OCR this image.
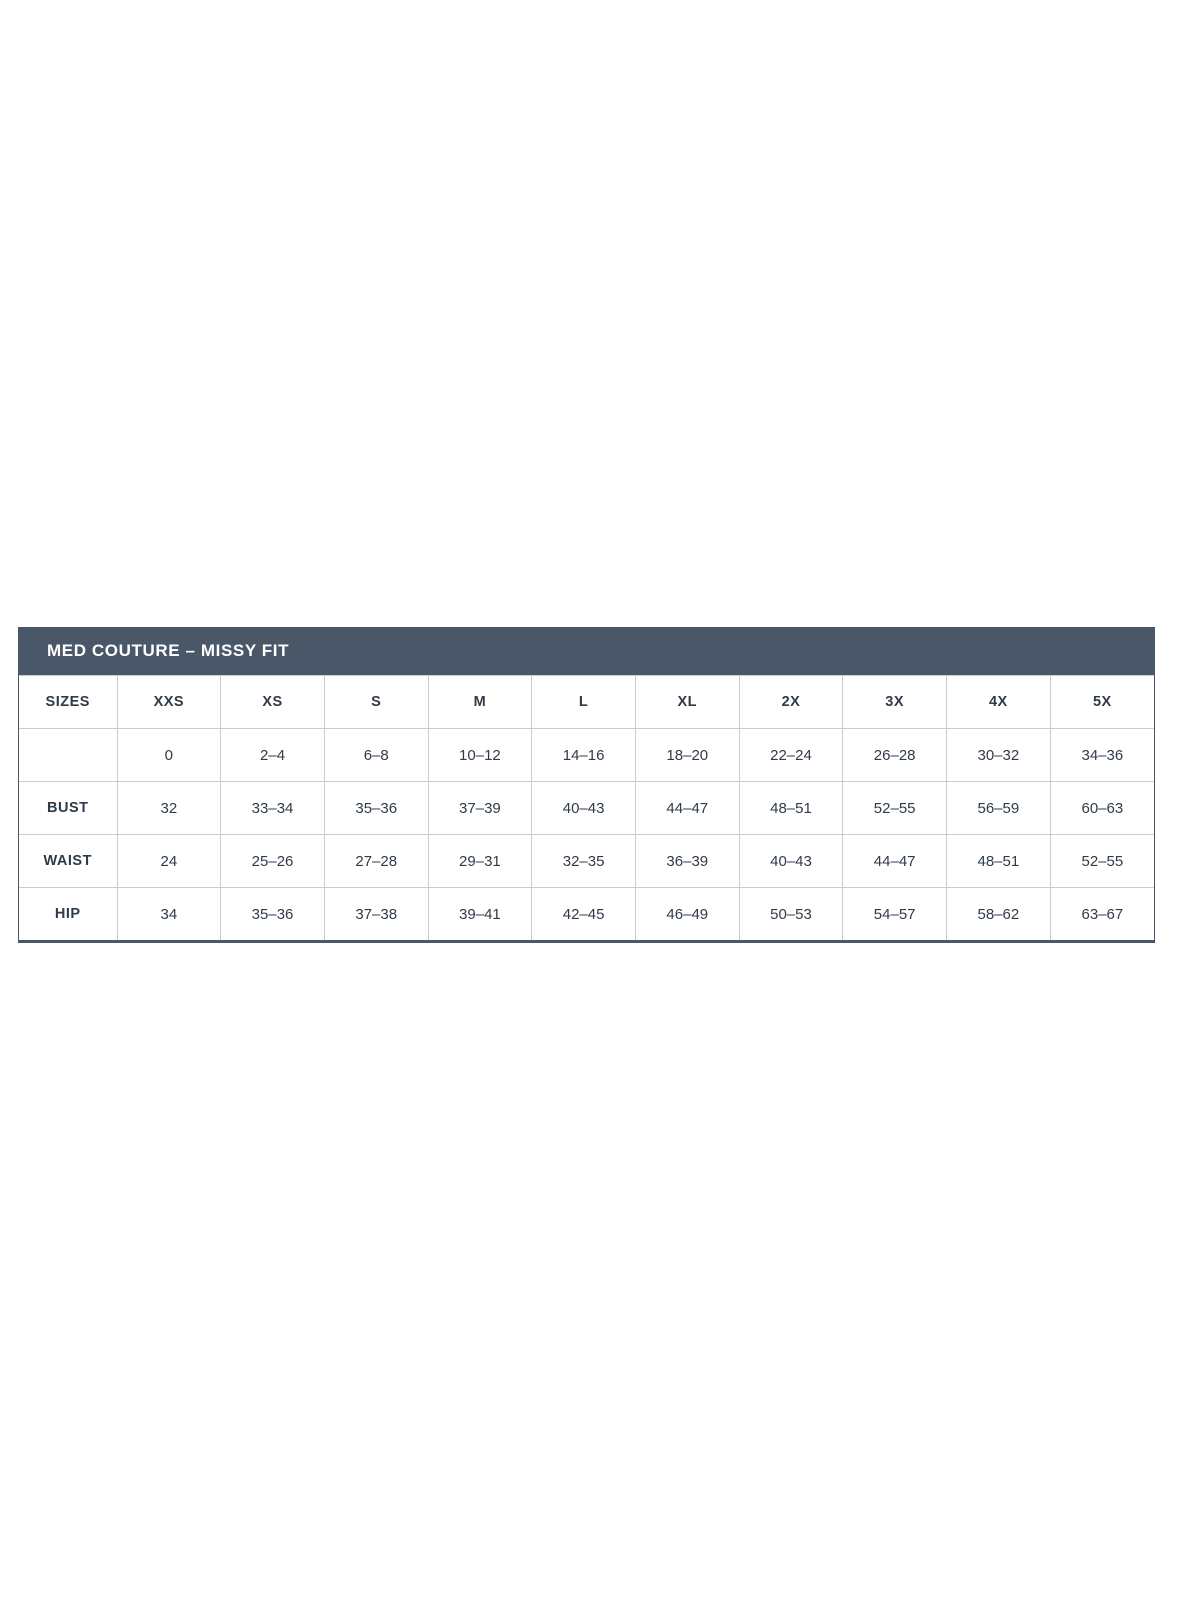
MED COUTURE – MISSY FIT
SIZES	XXS	XS	S	M	L	XL	2X	3X	4X	5X
	0	2–4	6–8	10–12	14–16	18–20	22–24	26–28	30–32	34–36
BUST	32	33–34	35–36	37–39	40–43	44–47	48–51	52–55	56–59	60–63
WAIST	24	25–26	27–28	29–31	32–35	36–39	40–43	44–47	48–51	52–55
HIP	34	35–36	37–38	39–41	42–45	46–49	50–53	54–57	58–62	63–67
